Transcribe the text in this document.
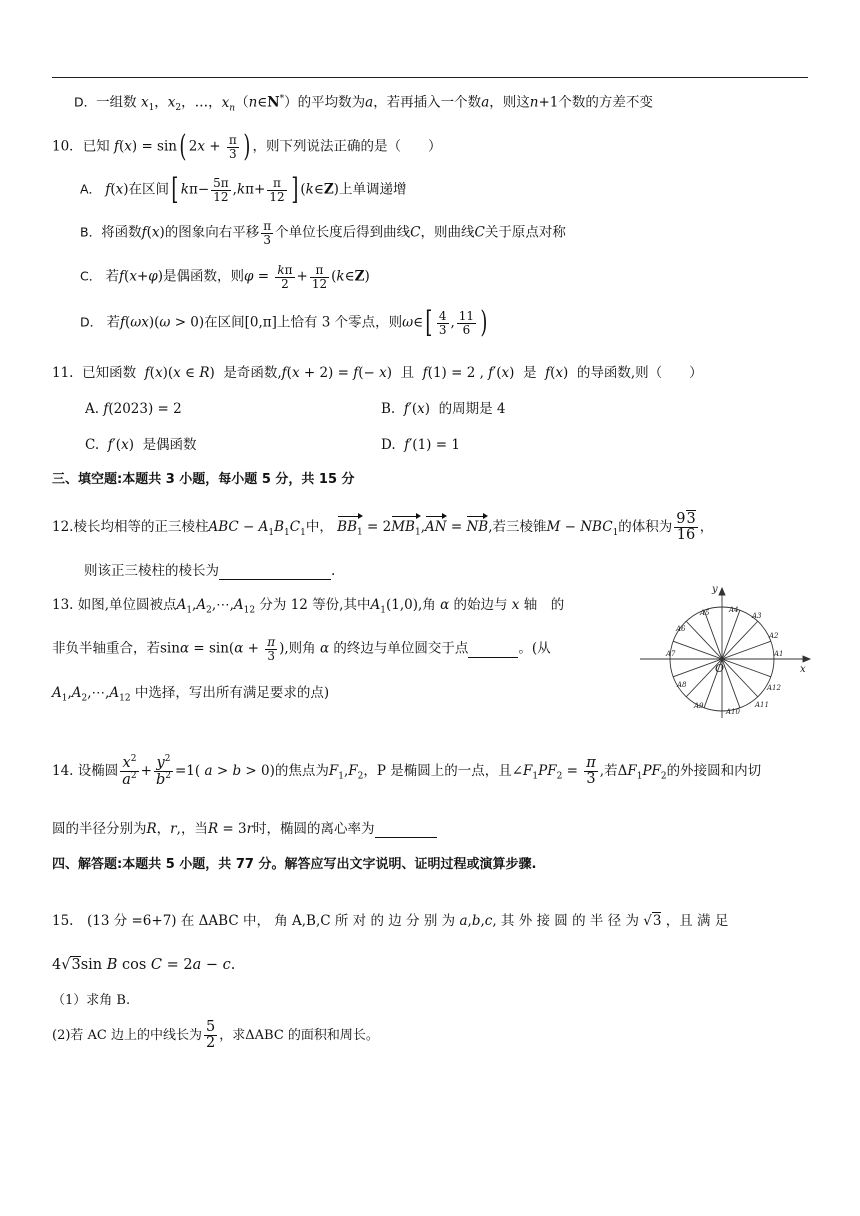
D．一组数 $x_1$，$x_2$，…，$x_n(n\in N^*)$的平均数为a，若再插入一个数a，则这n+1个数的方差不变
10．已知 f(x) = sin( $2x + \frac{\pi}{3}$ ) ，则下列说法正确的是（　　）
A． f(x)在区间[ $k\pi- \frac{5\pi}{12} ,k\pi+ \frac{\pi}{12}$ ] (k∈Z)上单调递增
B．将函数f(x)的图象向右平移 $\frac{\pi}{3}$ 个单位长度后得到曲线C，则曲线C关于原点对称
C． 若f(x+φ)是偶函数，则$\varphi = \frac{k\pi}{2} + \frac{\pi}{12}$ (k∈Z)
D． 若f(ωx)(ω > 0)在区间[0,π]上恰有 3 个零点，则ω∈[ $\frac{4}{3}$ , $\frac{11}{6}$ )
11. 已知函数 f(x)(x ∈ R)  是奇函数,f(x + 2) = f(− x)  且 f(1) = 2 , f′(x)  是 f(x)  的导函数,则（　　）
A. f(2023) = 2	B. f′(x)  的周期是 4
C. f′(x)  是偶函数	D. f′(1) = 1
三、填空题:本题共 3 小题，每小题 5 分，共 15 分
12.棱长均相等的正三棱柱ABC − $A_1B_1C_1$中， $BB_1 = 2MB_1,AN$ = NB,若三棱锥$M - NBC_1$的体积为 $\frac{93}{16}$ ，
则该正三棱柱的棱长为	.
13. 如图,单位圆被点$A_1,A_2,\cdots,A_{12}$ 分为 12 等份,其中$A_1(1,0)$,角 α 的始边与 x 轴　的
非负半轴重合，若$\sin\alpha = \sin(\alpha + \frac{\pi}{3}$ ),则角 α 的终边与单位圆交于点	。(从
$A_1,A_2,\cdots,A_{12}$ 中选择，写出所有满足要求的点)
x
y
O
A1
A2
A3
A4
A5
A6
A7
A8
A9
A10
A11
A12
14. 设椭圆 $\frac{x^2}{a^2} + \frac{y^2}{b^2} =1$( a > b > 0)的焦点为$F_1,F_2$，P 是椭圆上的一点，且$\angle F_1PF_2 = \frac{\pi}{3}$ ,若$\Delta F_1PF_2$的外接圆和内切
圆的半径分别为R，r,，当R = 3r时，椭圆的离心率为
四、解答题:本题共 5 小题，共 77 分。解答应写出文字说明、证明过程或演算步骤.
15.　(13 分 =6+7) 在 ΔABC 中， 角 A,B,C 所 对 的 边 分 别 为 a,b,c, 其 外 接 圆 的 半 径 为 √3 ，且 满 足
4√3sin B cos C = 2a − c.
（1）求角 B.
(2)若 AC 边上的中线长为 $\frac{5}{2}$ ，求ΔABC 的面积和周长。
